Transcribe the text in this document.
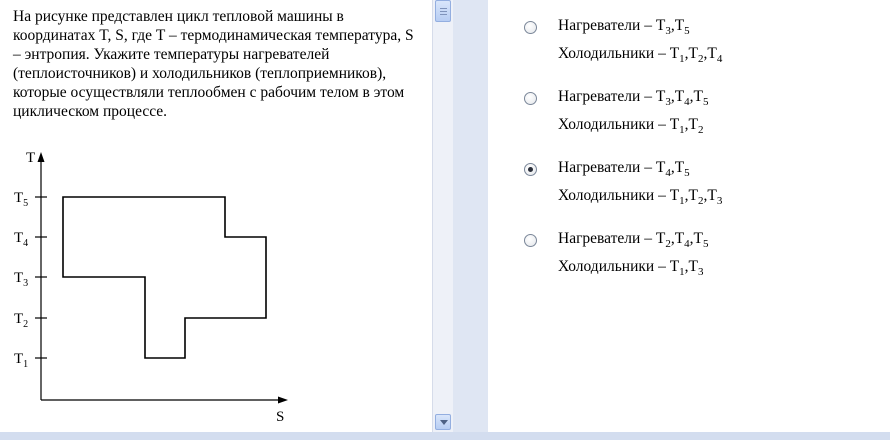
На рисунке представлен цикл тепловой машины в координатах T, S, где T – термодинамическая температура, S – энтропия. Укажите температуры нагревателей (теплоисточников) и холодильников (теплоприемников), которые осуществляли теплообмен с рабочим телом в этом циклическом процессе.

T
S
$T_5$
$T_4$
$T_3$
$T_2$
$T_1$
Нагреватели – $T_3,T_5$
Холодильники – $T_1,T_2,T_4$
Нагреватели – $T_3,T_4,T_5$
Холодильники – $T_1,T_2$
Нагреватели – $T_4,T_5$
Холодильники – $T_1,T_2,T_3$
Нагреватели – $T_2,T_4,T_5$
Холодильники – $T_1,T_3$
